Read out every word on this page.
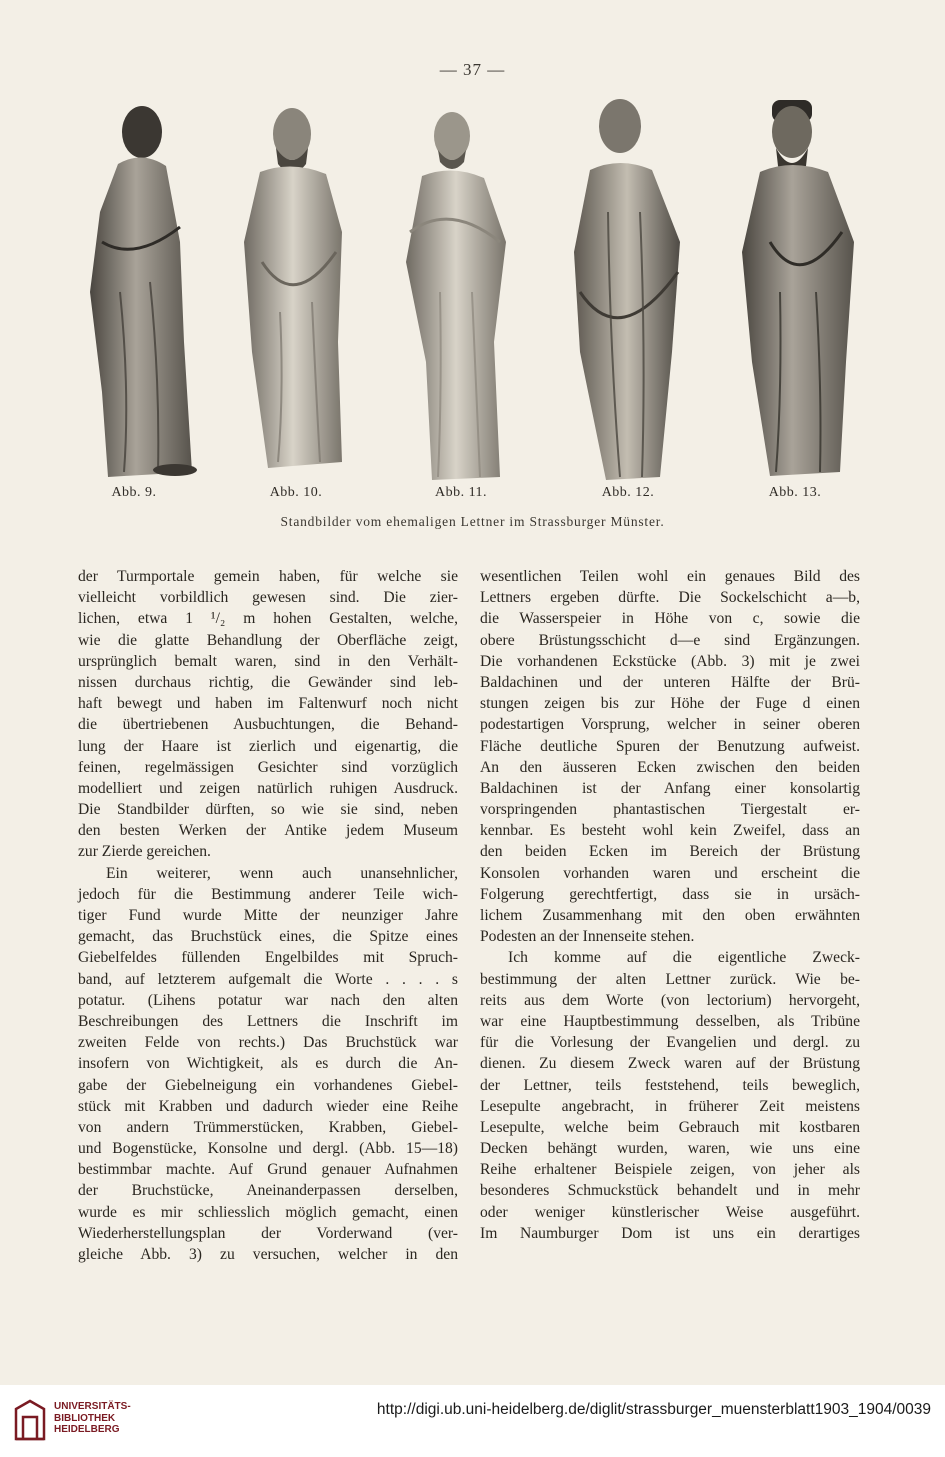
— 37 —
Abb. 9.	Abb. 10.	Abb. 11.	Abb. 12.	Abb. 13.
Standbilder vom ehemaligen Lettner im Strassburger Münster.
der Turmportale gemein haben, für welche sie
vielleicht vorbildlich gewesen sind. Die zier-
lichen, etwa 1 ¹/₂ m hohen Gestalten, welche,
wie die glatte Behandlung der Oberfläche zeigt,
ursprünglich bemalt waren, sind in den Verhält-
nissen durchaus richtig, die Gewänder sind leb-
haft bewegt und haben im Faltenwurf noch nicht
die übertriebenen Ausbuchtungen, die Behand-
lung der Haare ist zierlich und eigenartig, die
feinen, regelmässigen Gesichter sind vorzüglich
modelliert und zeigen natürlich ruhigen Ausdruck.
Die Standbilder dürften, so wie sie sind, neben
den besten Werken der Antike jedem Museum
zur Zierde gereichen.
Ein weiterer, wenn auch unansehnlicher,
jedoch für die Bestimmung anderer Teile wich-
tiger Fund wurde Mitte der neunziger Jahre
gemacht, das Bruchstück eines, die Spitze eines
Giebelfeldes füllenden Engelbildes mit Spruch-
band, auf letzterem aufgemalt die Worte . . . . s
potatur. (Lihens potatur war nach den alten
Beschreibungen des Lettners die Inschrift im
zweiten Felde von rechts.) Das Bruchstück war
insofern von Wichtigkeit, als es durch die An-
gabe der Giebelneigung ein vorhandenes Giebel-
stück mit Krabben und dadurch wieder eine Reihe
von andern Trümmerstücken, Krabben, Giebel-
und Bogenstücke, Konsolne und dergl. (Abb. 15—18)
bestimmbar machte. Auf Grund genauer Aufnahmen
der Bruchstücke, Aneinanderpassen derselben,
wurde es mir schliesslich möglich gemacht, einen
Wiederherstellungsplan der Vorderwand (ver-
gleiche Abb. 3) zu versuchen, welcher in den
wesentlichen Teilen wohl ein genaues Bild des
Lettners ergeben dürfte. Die Sockelschicht a—b,
die Wasserspeier in Höhe von c, sowie die
obere Brüstungsschicht d—e sind Ergänzungen.
Die vorhandenen Eckstücke (Abb. 3) mit je zwei
Baldachinen und der unteren Hälfte der Brü-
stungen zeigen bis zur Höhe der Fuge d einen
podestartigen Vorsprung, welcher in seiner oberen
Fläche deutliche Spuren der Benutzung aufweist.
An den äusseren Ecken zwischen den beiden
Baldachinen ist der Anfang einer konsolartig
vorspringenden phantastischen Tiergestalt er-
kennbar. Es besteht wohl kein Zweifel, dass an
den beiden Ecken im Bereich der Brüstung
Konsolen vorhanden waren und erscheint die
Folgerung gerechtfertigt, dass sie in ursäch-
lichem Zusammenhang mit den oben erwähnten
Podesten an der Innenseite stehen.
Ich komme auf die eigentliche Zweck-
bestimmung der alten Lettner zurück. Wie be-
reits aus dem Worte (von lectorium) hervorgeht,
war eine Hauptbestimmung desselben, als Tribüne
für die Vorlesung der Evangelien und dergl. zu
dienen. Zu diesem Zweck waren auf der Brüstung
der Lettner, teils feststehend, teils beweglich,
Lesepulte angebracht, in früherer Zeit meistens
Lesepulte, welche beim Gebrauch mit kostbaren
Decken behängt wurden, waren, wie uns eine
Reihe erhaltener Beispiele zeigen, von jeher als
besonderes Schmuckstück behandelt und in mehr
oder weniger künstlerischer Weise ausgeführt.
Im Naumburger Dom ist uns ein derartiges
UNIVERSITÄTS-
BIBLIOTHEK
HEIDELBERG
http://digi.ub.uni-heidelberg.de/diglit/strassburger_muensterblatt1903_1904/0039
